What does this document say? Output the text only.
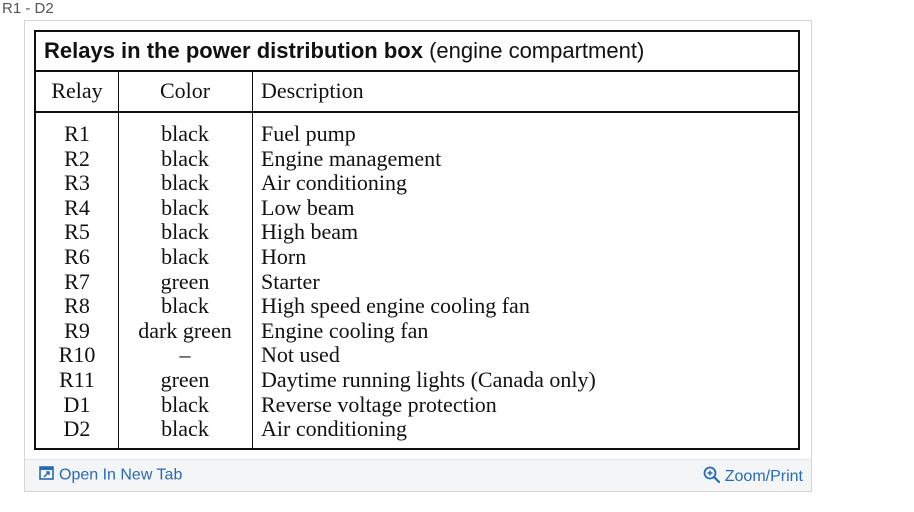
R1 - D2
Relays in the power distribution box (engine compartment)
Relay	Color	Description
R1	black	Fuel pump
R2	black	Engine management
R3	black	Air conditioning
R4	black	Low beam
R5	black	High beam
R6	black	Horn
R7	green	Starter
R8	black	High speed engine cooling fan
R9	dark green	Engine cooling fan
R10	–	Not used
R11	green	Daytime running lights (Canada only)
D1	black	Reverse voltage protection
D2	black	Air conditioning
Open In New Tab	Zoom/Print
